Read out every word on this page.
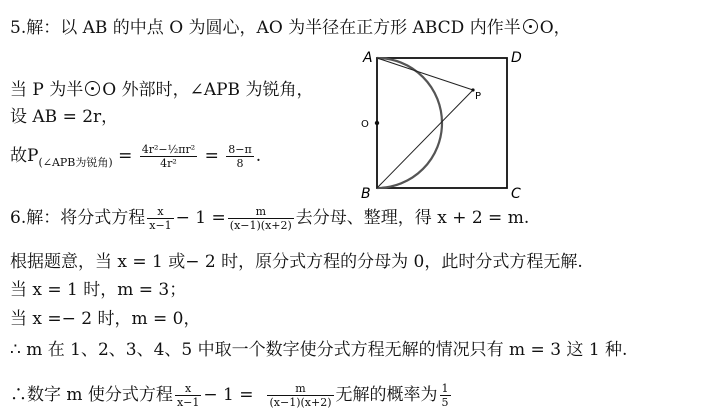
5.解：以 AB 的中点 O 为圆心，AO 为半径在正方形 ABCD 内作半 O，
当 P 为半 O 外部时，∠APB 为锐角，
设 AB = 2r，
故$P_{(\angle APB为锐角)} = \frac{\text{4r²−½πr²}}{\text{4r²}} = \frac{8-\pi}{8}$ .
A	D
B	C
O
P
6.解：将分式方程 $\frac{x}{x-1} - 1 = \frac{m}{(x-1)(x+2)}$ 去分母、整理，得 x + 2 = m.
根据题意，当 x = 1 或− 2 时，原分式方程的分母为 0，此时分式方程无解.
当 x = 1 时，m = 3；
当 x =− 2 时，m = 0，
∴ m 在 1、2、3、4、5 中取一个数字使分式方程无解的情况只有 m = 3 这 1 种.
∴数字 m 使分式方程 $\frac{x}{x-1} - 1 = \frac{m}{(x-1)(x+2)}$ 无解的概率为 $\frac{1}{5}$
